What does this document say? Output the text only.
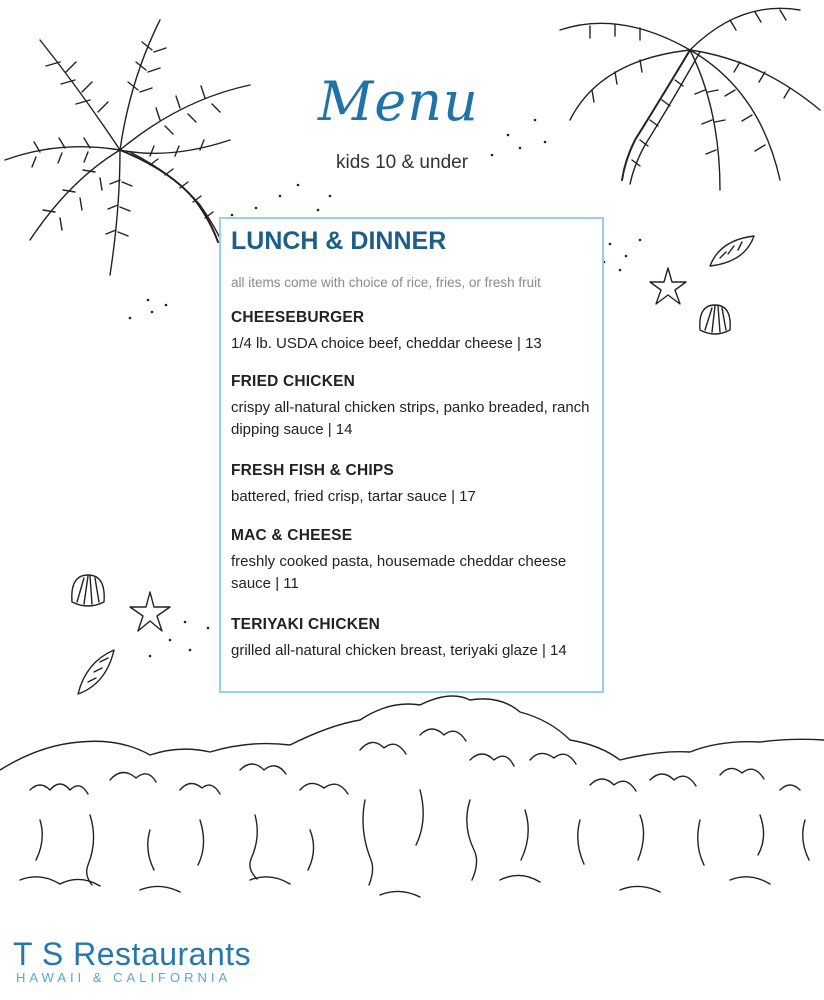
Menu
kids 10 & under
LUNCH & DINNER
all items come with choice of rice, fries, or fresh fruit
CHEESEBURGER
1/4 lb. USDA choice beef, cheddar cheese | 13
FRIED CHICKEN
crispy all-natural chicken strips, panko breaded, ranch dipping sauce | 14
FRESH FISH & CHIPS
battered, fried crisp, tartar sauce | 17
MAC & CHEESE
freshly cooked pasta, housemade cheddar cheese sauce | 11
TERIYAKI CHICKEN
grilled all-natural chicken breast, teriyaki glaze | 14
T S Restaurants
HAWAII & CALIFORNIA
